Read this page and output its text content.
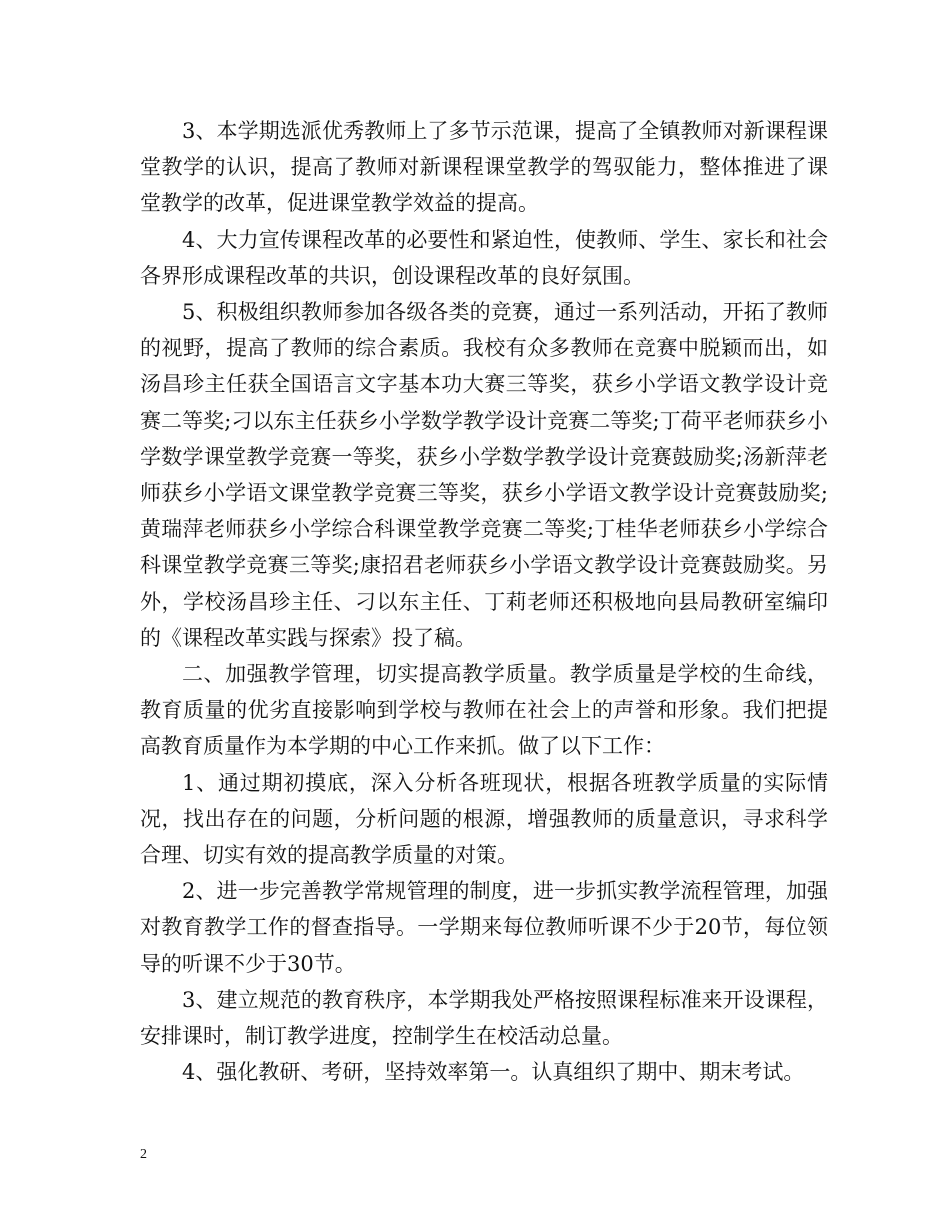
3、本学期选派优秀教师上了多节示范课，提高了全镇教师对新课程课堂教学的认识，提高了教师对新课程课堂教学的驾驭能力，整体推进了课堂教学的改革，促进课堂教学效益的提高。

4、大力宣传课程改革的必要性和紧迫性，使教师、学生、家长和社会各界形成课程改革的共识，创设课程改革的良好氛围。

5、积极组织教师参加各级各类的竞赛，通过一系列活动，开拓了教师的视野，提高了教师的综合素质。我校有众多教师在竞赛中脱颖而出，如汤昌珍主任获全国语言文字基本功大赛三等奖，获乡小学语文教学设计竞赛二等奖;刁以东主任获乡小学数学教学设计竞赛二等奖;丁荷平老师获乡小学数学课堂教学竞赛一等奖，获乡小学数学教学设计竞赛鼓励奖;汤新萍老师获乡小学语文课堂教学竞赛三等奖，获乡小学语文教学设计竞赛鼓励奖;黄瑞萍老师获乡小学综合科课堂教学竞赛二等奖;丁桂华老师获乡小学综合科课堂教学竞赛三等奖;康招君老师获乡小学语文教学设计竞赛鼓励奖。另外，学校汤昌珍主任、刁以东主任、丁莉老师还积极地向县局教研室编印的《课程改革实践与探索》投了稿。

二、加强教学管理，切实提高教学质量。教学质量是学校的生命线，教育质量的优劣直接影响到学校与教师在社会上的声誉和形象。我们把提高教育质量作为本学期的中心工作来抓。做了以下工作：

1、通过期初摸底，深入分析各班现状，根据各班教学质量的实际情况，找出存在的问题，分析问题的根源，增强教师的质量意识，寻求科学合理、切实有效的提高教学质量的对策。

2、进一步完善教学常规管理的制度，进一步抓实教学流程管理，加强对教育教学工作的督查指导。一学期来每位教师听课不少于20节，每位领导的听课不少于30节。

3、建立规范的教育秩序，本学期我处严格按照课程标准来开设课程，安排课时，制订教学进度，控制学生在校活动总量。

4、强化教研、考研，坚持效率第一。认真组织了期中、期末考试。

2
